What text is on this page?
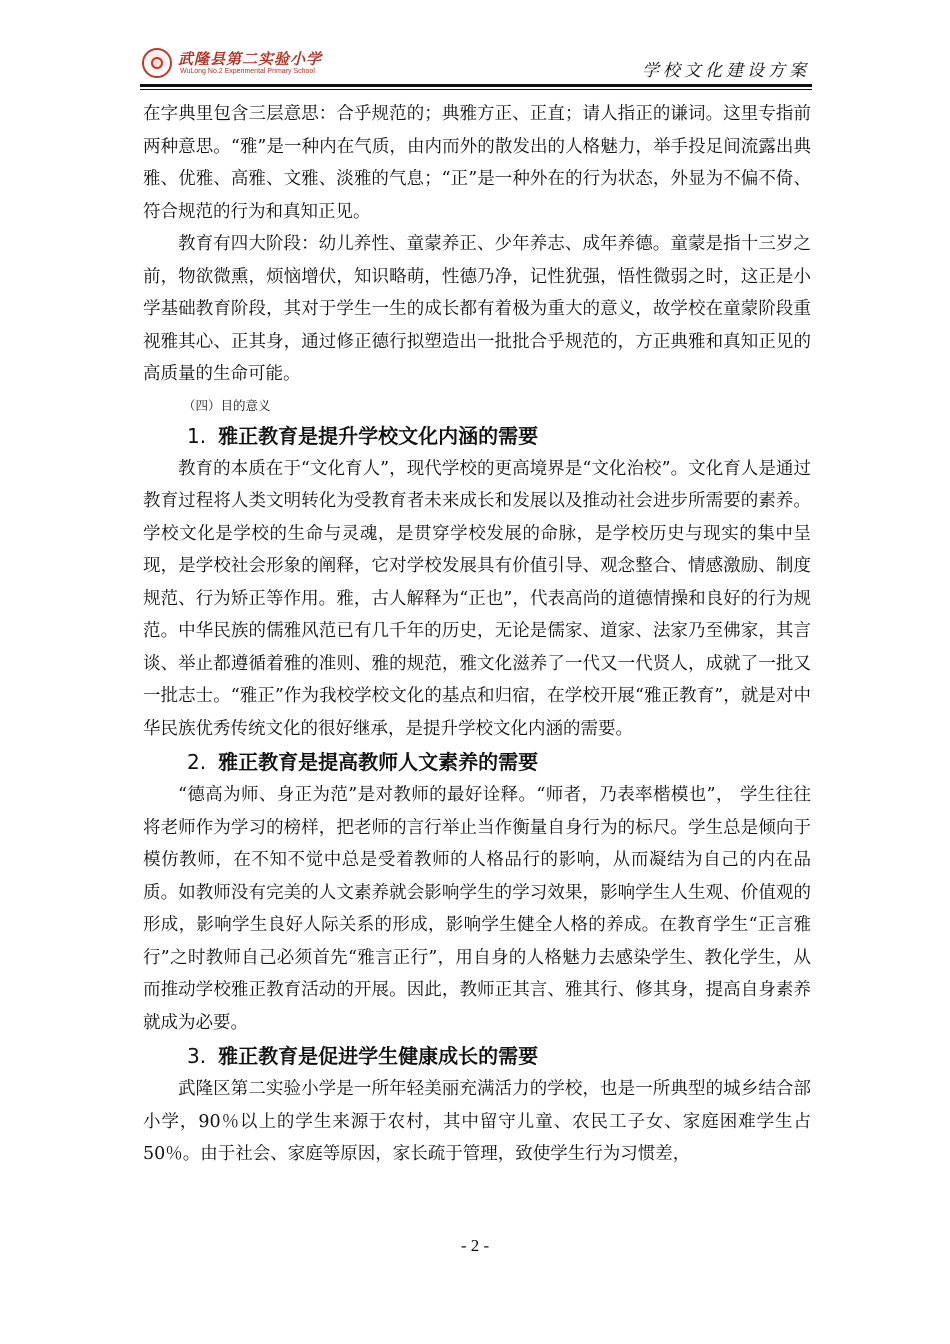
武隆县第二实验小学
WuLong No.2 Experimental Primary School	学校文化建设方案

在字典里包含三层意思：合乎规范的；典雅方正、正直；请人指正的谦词。这里专指前两种意思。“雅”是一种内在气质，由内而外的散发出的人格魅力，举手投足间流露出典雅、优雅、高雅、文雅、淡雅的气息；“正”是一种外在的行为状态，外显为不偏不倚、符合规范的行为和真知正见。

教育有四大阶段：幼儿养性、童蒙养正、少年养志、成年养德。童蒙是指十三岁之前，物欲微熏，烦恼增伏，知识略萌，性德乃净，记性犹强，悟性微弱之时，这正是小学基础教育阶段，其对于学生一生的成长都有着极为重大的意义，故学校在童蒙阶段重视雅其心、正其身，通过修正德行拟塑造出一批批合乎规范的，方正典雅和真知正见的高质量的生命可能。

（四）目的意义
1. 雅正教育是提升学校文化内涵的需要

教育的本质在于“文化育人”，现代学校的更高境界是“文化治校”。文化育人是通过教育过程将人类文明转化为受教育者未来成长和发展以及推动社会进步所需要的素养。学校文化是学校的生命与灵魂，是贯穿学校发展的命脉，是学校历史与现实的集中呈现，是学校社会形象的阐释，它对学校发展具有价值引导、观念整合、情感激励、制度规范、行为矫正等作用。雅，古人解释为“正也”，代表高尚的道德情操和良好的行为规范。中华民族的儒雅风范已有几千年的历史，无论是儒家、道家、法家乃至佛家，其言谈、举止都遵循着雅的准则、雅的规范，雅文化滋养了一代又一代贤人，成就了一批又一批志士。“雅正”作为我校学校文化的基点和归宿，在学校开展“雅正教育”，就是对中华民族优秀传统文化的很好继承，是提升学校文化内涵的需要。

2. 雅正教育是提高教师人文素养的需要

“德高为师、身正为范”是对教师的最好诠释。“师者，乃表率楷模也”， 学生往往将老师作为学习的榜样，把老师的言行举止当作衡量自身行为的标尺。学生总是倾向于模仿教师，在不知不觉中总是受着教师的人格品行的影响，从而凝结为自己的内在品质。如教师没有完美的人文素养就会影响学生的学习效果，影响学生人生观、价值观的形成，影响学生良好人际关系的形成，影响学生健全人格的养成。在教育学生“正言雅行”之时教师自己必须首先“雅言正行”，用自身的人格魅力去感染学生、教化学生，从而推动学校雅正教育活动的开展。因此，教师正其言、雅其行、修其身，提高自身素养就成为必要。

3. 雅正教育是促进学生健康成长的需要

武隆区第二实验小学是一所年轻美丽充满活力的学校，也是一所典型的城乡结合部小学，90％以上的学生来源于农村，其中留守儿童、农民工子女、家庭困难学生占 50％。由于社会、家庭等原因，家长疏于管理，致使学生行为习惯差，

- 2 -
